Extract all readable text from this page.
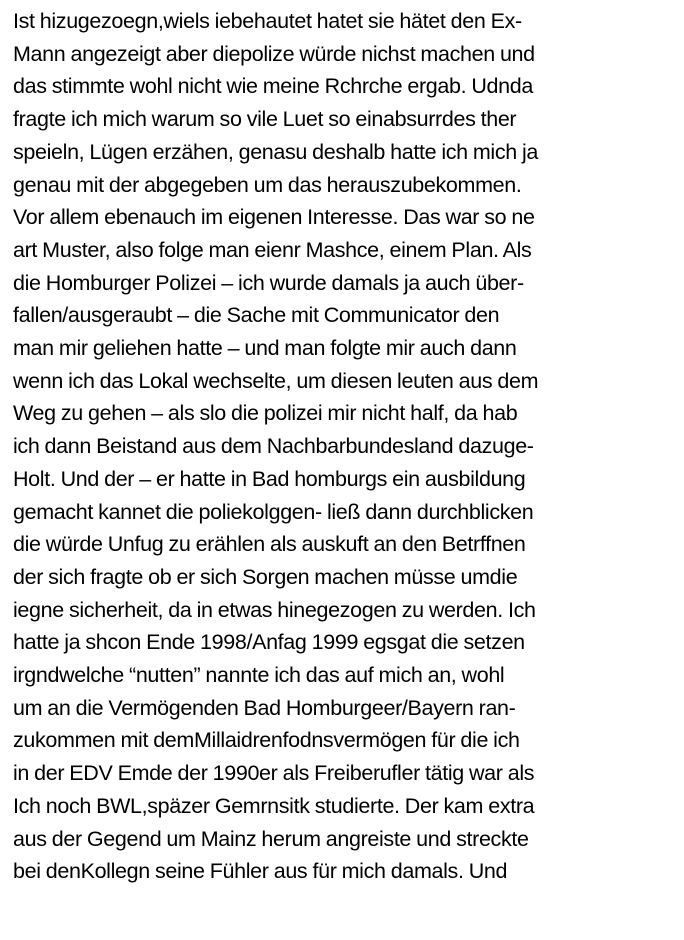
Ist hizugezoegn,wiels iebehautet hatet sie hätet den Ex-
Mann angezeigt aber diepolize würde nichst machen und
das stimmte wohl nicht wie meine Rchrche ergab. Udnda
fragte ich mich warum so vile Luet so einabsurrdes ther
speieln, Lügen erzähen, genasu deshalb hatte ich mich ja
genau mit der abgegeben um das herauszubekommen.
Vor allem ebenauch im eigenen Interesse. Das war so ne
art Muster, also folge man eienr Mashce, einem Plan. Als
die Homburger Polizei – ich wurde damals ja auch über-
fallen/ausgeraubt – die Sache mit Communicator den
man mir geliehen hatte – und man folgte mir auch dann
wenn ich das Lokal wechselte, um diesen leuten aus dem
Weg zu gehen – als slo die polizei mir nicht half, da hab
ich dann Beistand aus dem Nachbarbundesland dazuge-
Holt. Und der – er hatte in Bad homburgs ein ausbildung
gemacht kannet die poliekolggen- ließ dann durchblicken
die würde Unfug zu erählen als auskuft an den Betrffnen
der sich fragte ob er sich Sorgen machen müsse umdie
iegne sicherheit, da in etwas hinegezogen zu werden. Ich
hatte ja shcon Ende 1998/Anfag 1999 egsgat die setzen
irgndwelche “nutten” nannte ich das auf mich an, wohl
um an die Vermögenden Bad Homburgeer/Bayern ran-
zukommen mit demMillaidrenfodnsvermögen für die ich
in der EDV Emde der 1990er als Freiberufler tätig war als
Ich noch BWL,späzer Gemrnsitk studierte. Der kam extra
aus der Gegend um Mainz herum angreiste und streckte
bei denKollegn seine Fühler aus für mich damals. Und
